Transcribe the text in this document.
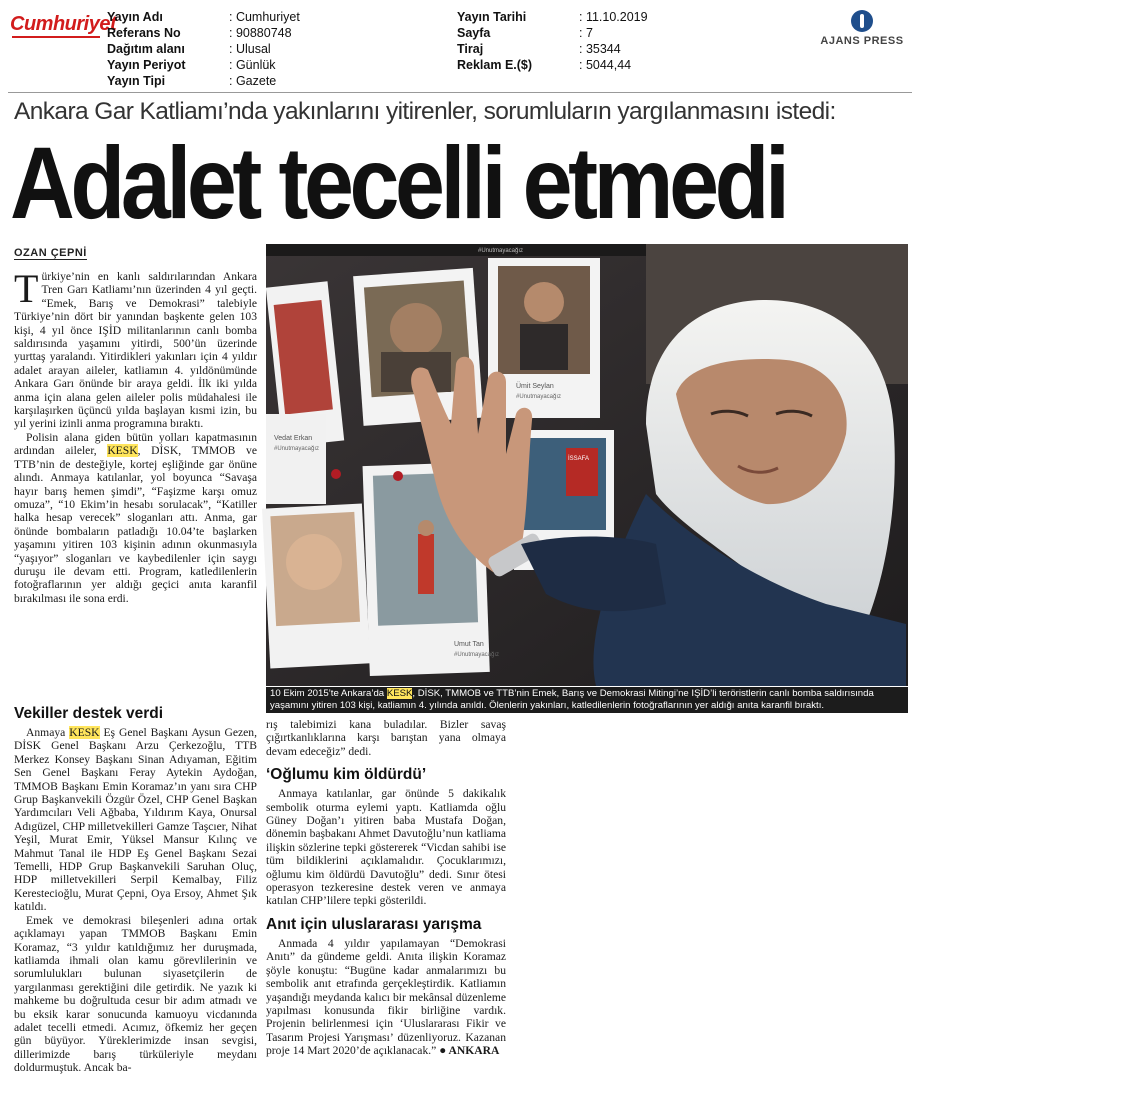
Cumhuriyet
Yayın Adı	: Cumhuriyet
Referans No	: 90880748
Dağıtım alanı	: Ulusal
Yayın Periyot	: Günlük
Yayın Tipi	: Gazete
Yayın Tarihi	: 11.10.2019
Sayfa	: 7
Tiraj	: 35344
Reklam E.($)	: 5044,44
AJANS PRESS
Ankara Gar Katliamı’nda yakınlarını yitirenler, sorumluların yargılanmasını istedi:
Adalet tecelli etmedi
OZAN ÇEPNİ

Türkiye’nin en kanlı saldırılarından Ankara Tren Garı Katliamı’nın üzerinden 4 yıl geçti. “Emek, Barış ve Demokrasi” talebiyle Türkiye’nin dört bir yanından başkente gelen 103 kişi, 4 yıl önce IŞİD militanlarının canlı bomba saldırısında yaşamını yitirdi, 500’ün üzerinde yurttaş yaralandı. Yitirdikleri yakınları için 4 yıldır adalet arayan aileler, katliamın 4. yıldönümünde Ankara Garı önünde bir araya geldi. İlk iki yılda anma için alana gelen aileler polis müdahalesi ile karşılaşırken üçüncü yılda başlayan kısmi izin, bu yıl yerini izinli anma programına bıraktı.

Polisin alana giden bütün yolları kapatmasının ardından aileler, KESK, DİSK, TMMOB ve TTB’nin de desteğiyle, kortej eşliğinde gar önüne alındı. Anmaya katılanlar, yol boyunca “Savaşa hayır barış hemen şimdi”, “Faşizme karşı omuz omuza”, “10 Ekim’in hesabı sorulacak”, “Katiller halka hesap verecek” sloganları attı. Anma, gar önünde bombaların patladığı 10.04’te başlarken yaşamını yitiren 103 kişinin adının okunmasıyla “yaşıyor” sloganları ve kaybedilenler için saygı duruşu ile devam etti. Program, katledilenlerin fotoğraflarının yer aldığı geçici anıta karanfil bırakılması ile sona erdi.

Vekiller destek verdi

Anmaya KESK Eş Genel Başkanı Aysun Gezen, DİSK Genel Başkanı Arzu Çerkezoğlu, TTB Merkez Konsey Başkanı Sinan Adıyaman, Eğitim Sen Genel Başkanı Feray Aytekin Aydoğan, TMMOB Başkanı Emin Koramaz’ın yanı sıra CHP Grup Başkanvekili Özgür Özel, CHP Genel Başkan Yardımcıları Veli Ağbaba, Yıldırım Kaya, Onursal Adıgüzel, CHP milletvekilleri Gamze Taşcıer, Nihat Yeşil, Murat Emir, Yüksel Mansur Kılınç ve Mahmut Tanal ile HDP Eş Genel Başkanı Sezai Temelli, HDP Grup Başkanvekili Saruhan Oluç, HDP milletvekilleri Serpil Kemalbay, Filiz Kerestecioğlu, Murat Çepni, Oya Ersoy, Ahmet Şık katıldı.

Emek ve demokrasi bileşenleri adına ortak açıklamayı yapan TMMOB Başkanı Emin Koramaz, “3 yıldır katıldığımız her duruşmada, katliamda ihmali olan kamu görevlilerinin ve sorumlulukları bulunan siyasetçilerin de yargılanması gerektiğini dile getirdik. Ne yazık ki mahkeme bu doğrultuda cesur bir adım atmadı ve bu eksik karar sonucunda kamuoyu vicdanında adalet tecelli etmedi. Acımız, öfkemiz her geçen gün büyüyor. Yüreklerimizde insan sevgisi, dillerimizde barış türküleriyle meydanı doldurmuştuk. Ancak ba-

Ümit Seylan
#Unutmayacağız
Vedat Erkan
#Unutmayacağız
Umut Tan
#Unutmayacağız
#Unutmayacağız
İSSAFA
NECATİ
SAVAŞ
10 Ekim 2015’te Ankara’da KESK, DİSK, TMMOB ve TTB’nin Emek, Barış ve Demokrasi Mitingi’ne IŞİD’li teröristlerin canlı bomba saldırısında yaşamını yitiren 103 kişi, katliamın 4. yılında anıldı. Ölenlerin yakınları, katledilenlerin fotoğraflarının yer aldığı anıta karanfil bıraktı.

rış talebimizi kana buladılar. Bizler savaş çığırtkanlıklarına karşı barıştan yana olmaya devam edeceğiz” dedi.

‘Oğlumu kim öldürdü’

Anmaya katılanlar, gar önünde 5 dakikalık sembolik oturma eylemi yaptı. Katliamda oğlu Güney Doğan’ı yitiren baba Mustafa Doğan, dönemin başbakanı Ahmet Davutoğlu’nun katliama ilişkin sözlerine tepki göstererek “Vicdan sahibi ise tüm bildiklerini açıklamalıdır. Çocuklarımızı, oğlumu kim öldürdü Davutoğlu” dedi. Sınır ötesi operasyon tezkeresine destek veren ve anmaya katılan CHP’lilere tepki gösterildi.

Anıt için uluslararası yarışma

Anmada 4 yıldır yapılamayan “Demokrasi Anıtı” da gündeme geldi. Anıta ilişkin Koramaz şöyle konuştu: “Bugüne kadar anmalarımızı bu sembolik anıt etrafında gerçekleştirdik. Katliamın yaşandığı meydanda kalıcı bir mekânsal düzenleme yapılması konusunda fikir birliğine vardık. Projenin belirlenmesi için ‘Uluslararası Fikir ve Tasarım Projesi Yarışması’ düzenliyoruz. Kazanan proje 14 Mart 2020’de açıklanacak.” ● ANKARA
